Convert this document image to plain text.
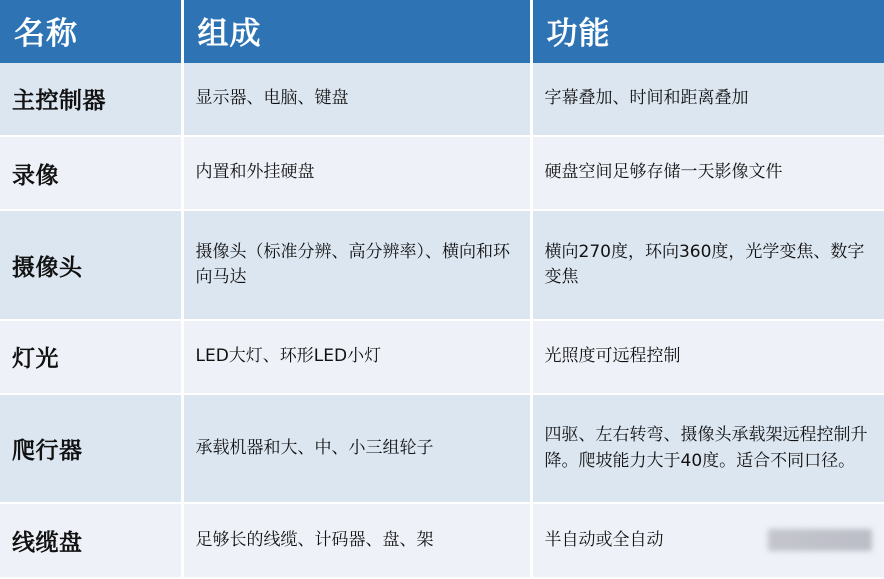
名称	组成	功能
主控制器	显示器、电脑、键盘	字幕叠加、时间和距离叠加
录像	内置和外挂硬盘	硬盘空间足够存储一天影像文件
摄像头	摄像头（标准分辨、高分辨率）、横向和环向马达	横向270度，环向360度，光学变焦、数字变焦
灯光	LED大灯、环形LED小灯	光照度可远程控制
爬行器	承载机器和大、中、小三组轮子	四驱、左右转弯、摄像头承载架远程控制升降。爬坡能力大于40度。适合不同口径。
线缆盘	足够长的线缆、计码器、盘、架	半自动或全自动
